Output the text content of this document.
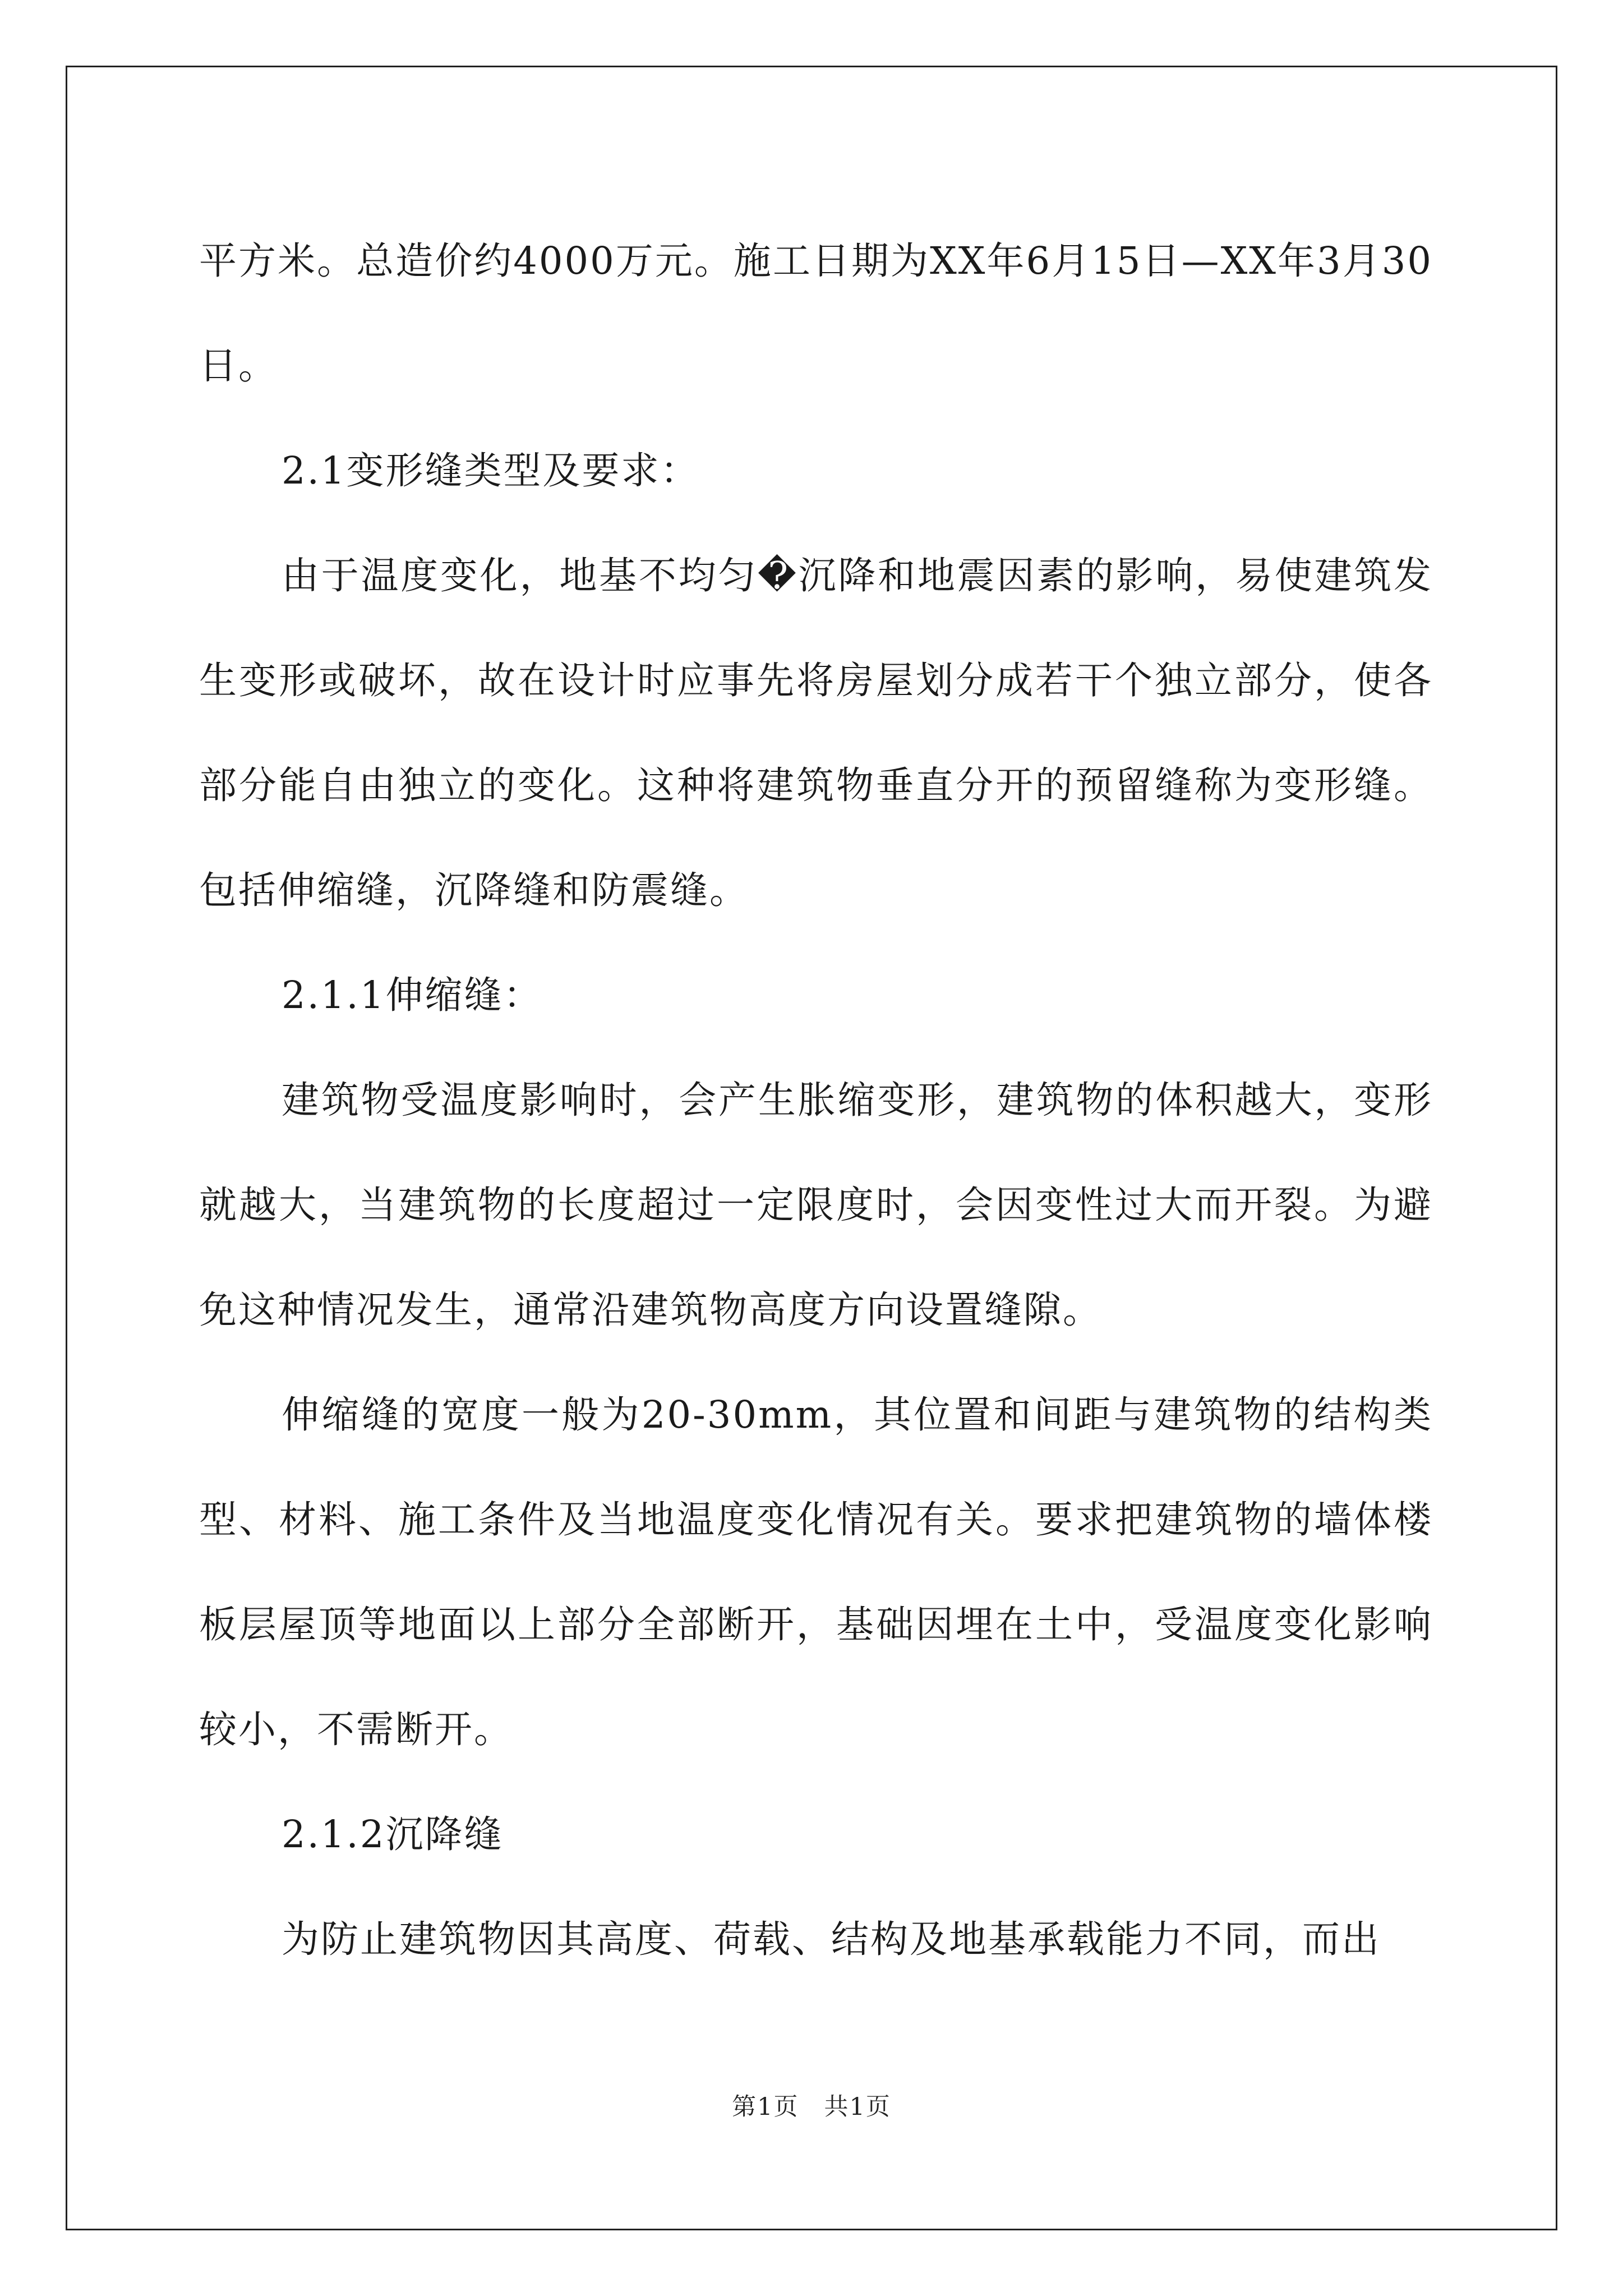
平方米。总造价约4000万元。施工日期为XX年6月15日—XX年3月30日。

2.1变形缝类型及要求：

由于温度变化，地基不均匀�沉降和地震因素的影响，易使建筑发生变形或破坏，故在设计时应事先将房屋划分成若干个独立部分，使各部分能自由独立的变化。这种将建筑物垂直分开的预留缝称为变形缝。包括伸缩缝，沉降缝和防震缝。

2.1.1伸缩缝：

建筑物受温度影响时，会产生胀缩变形，建筑物的体积越大，变形就越大，当建筑物的长度超过一定限度时，会因变性过大而开裂。为避免这种情况发生，通常沿建筑物高度方向设置缝隙。

伸缩缝的宽度一般为20-30mm，其位置和间距与建筑物的结构类型、材料、施工条件及当地温度变化情况有关。要求把建筑物的墙体楼板层屋顶等地面以上部分全部断开，基础因埋在土中，受温度变化影响较小，不需断开。

2.1.2沉降缝

为防止建筑物因其高度、荷载、结构及地基承载能力不同，而出

第1页　共1页
